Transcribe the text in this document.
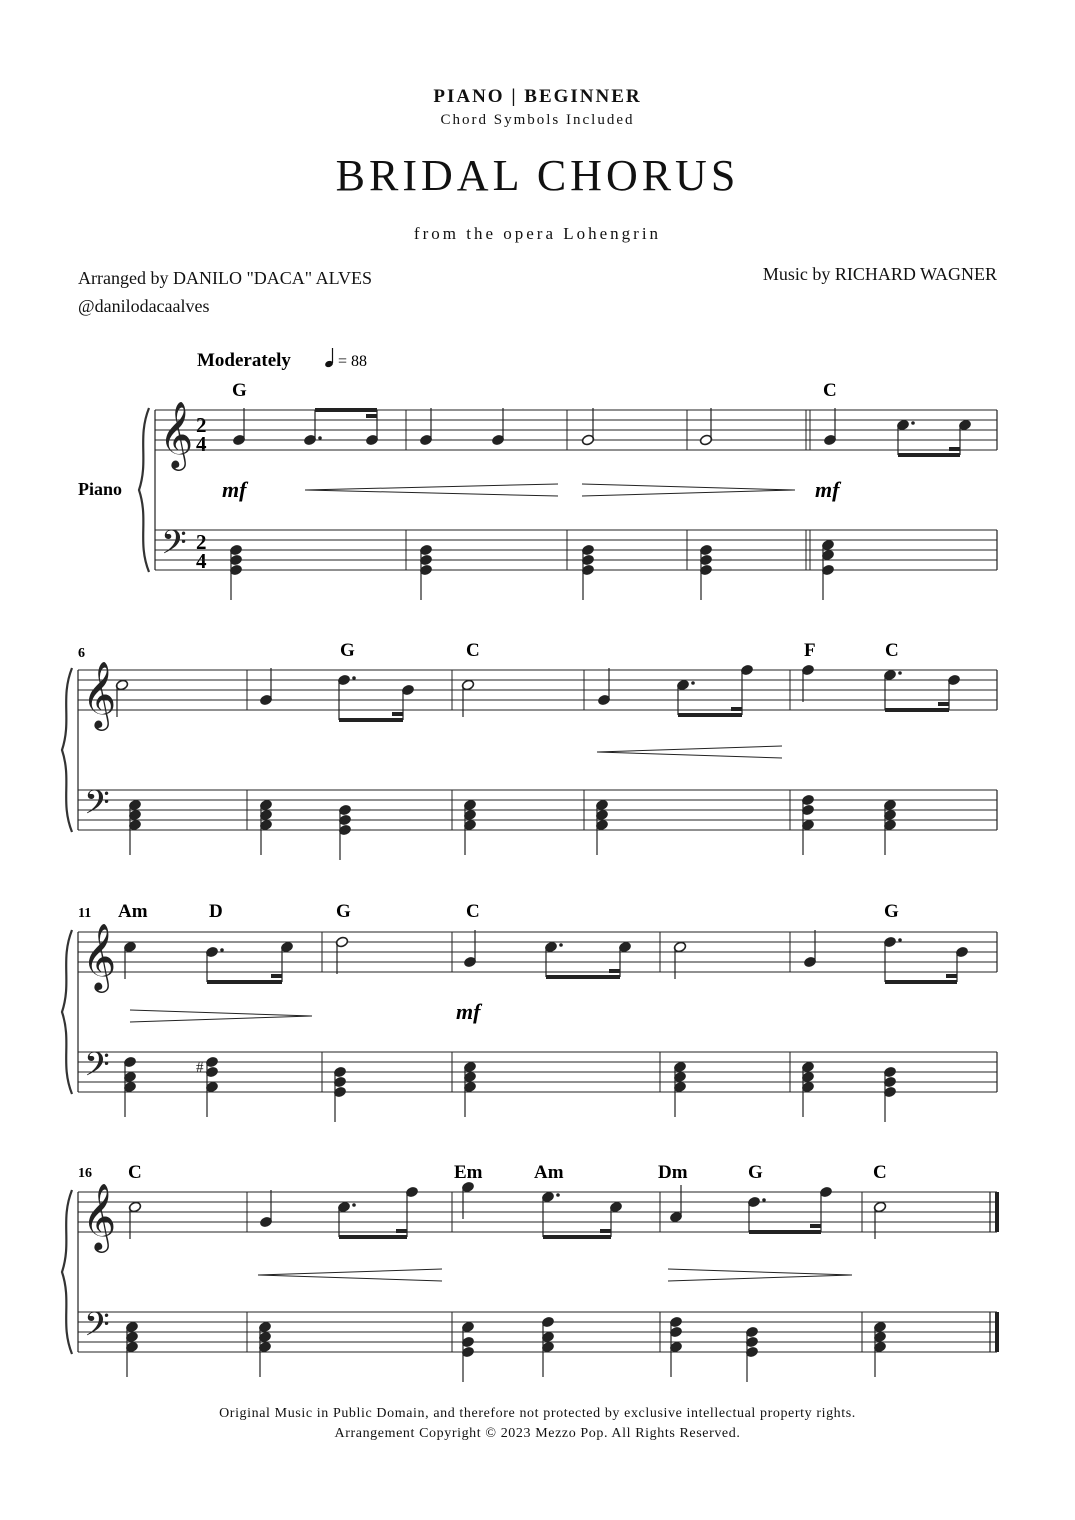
PIANO | BEGINNER
Chord Symbols Included
BRIDAL CHORUS
from the opera Lohengrin
Arranged by DANILO "DACA" ALVES
@danilodacaalves
Music by RICHARD WAGNER
Moderately	= 88
Piano
2
4
2
4
mf	mf
mf
6
11
16
G	C
G	C	F	C
Am	D	G	C	G
C	Em	Am	Dm	G	C
𝄞
𝄢
𝄞
𝄢
𝄞
𝄢
𝄞
𝄢
#
Original Music in Public Domain, and therefore not protected by exclusive intellectual property rights.
Arrangement Copyright © 2023 Mezzo Pop. All Rights Reserved.
